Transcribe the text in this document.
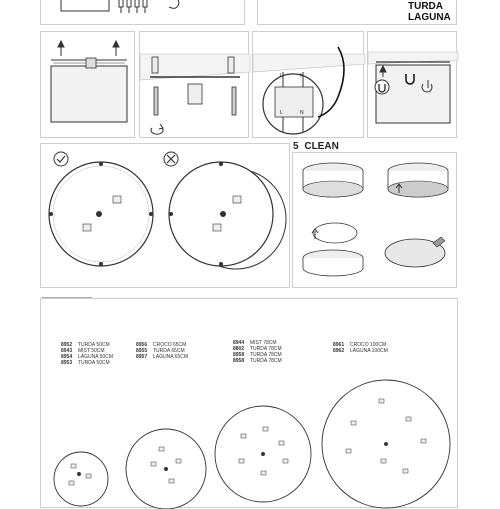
TURDA
LAGUNA
L	N
L	N
5 CLEAN
8952 TURDA 50CM
8943 MIST 50CM
8954 LAGUNA 50CM
8953 TURDA 50CM
8956 CROCO 65CM
8955 TURDA 65CM
8957 LAGUNA 65CM
8944 MIST 78CM
8802 TURDA 78CM
8958 TURDA 78CM
8958 TURDA 78CM
8961 CROCO 100CM
8962 LAGUNA 100CM
